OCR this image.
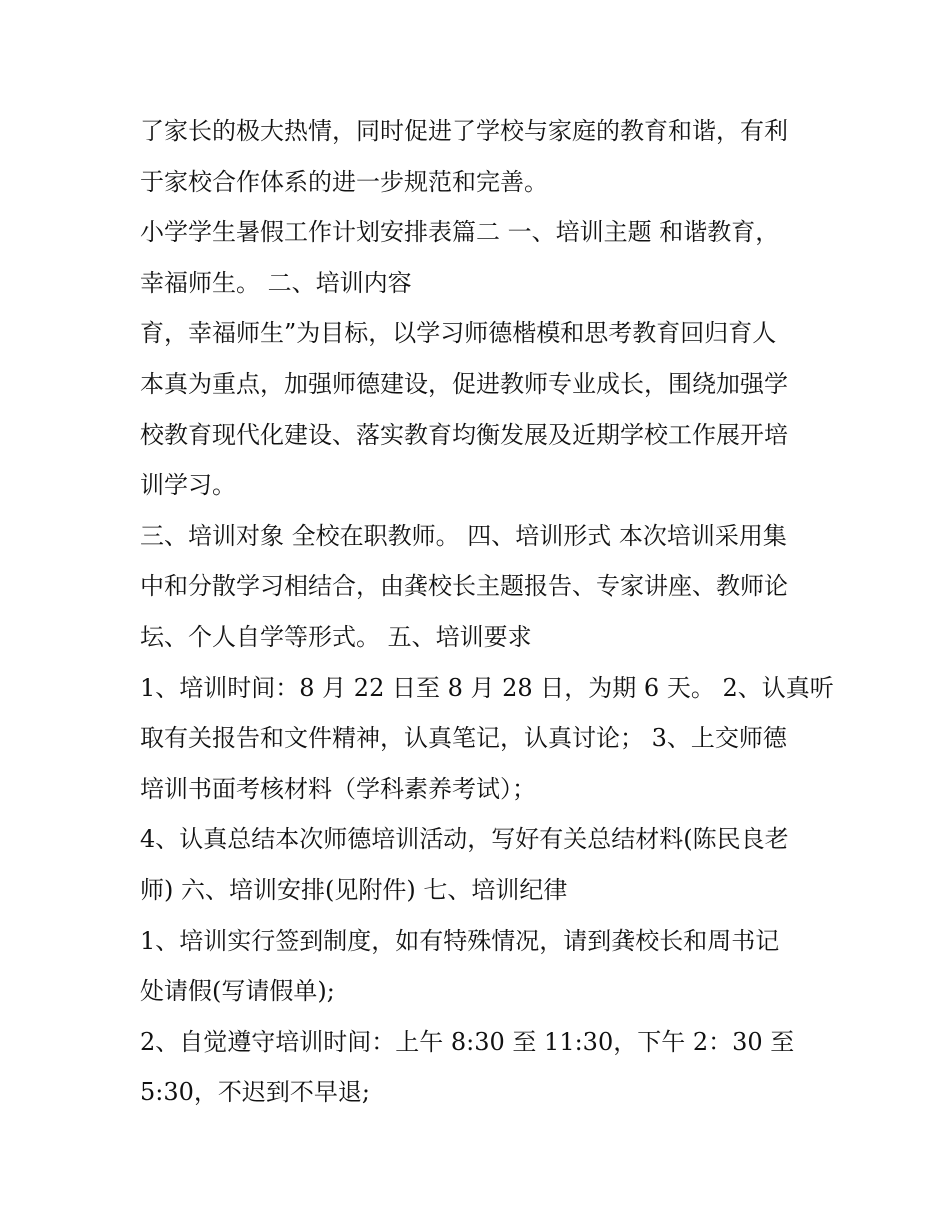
了家长的极大热情，同时促进了学校与家庭的教育和谐，有利
于家校合作体系的进一步规范和完善。
小学学生暑假工作计划安排表篇二 一、培训主题 和谐教育，
幸福师生。 二、培训内容
育，幸福师生”为目标，以学习师德楷模和思考教育回归育人
本真为重点，加强师德建设，促进教师专业成长，围绕加强学
校教育现代化建设、落实教育均衡发展及近期学校工作展开培
训学习。
三、培训对象 全校在职教师。 四、培训形式 本次培训采用集
中和分散学习相结合，由龚校长主题报告、专家讲座、教师论
坛、个人自学等形式。 五、培训要求
1、培训时间：8 月 22 日至 8 月 28 日，为期 6 天。 2、认真听
取有关报告和文件精神，认真笔记，认真讨论； 3、上交师德
培训书面考核材料（学科素养考试）；
4、认真总结本次师德培训活动，写好有关总结材料(陈民良老
师) 六、培训安排(见附件) 七、培训纪律
1、培训实行签到制度，如有特殊情况，请到龚校长和周书记
处请假(写请假单);
2、自觉遵守培训时间：上午 8:30 至 11:30，下午 2：30 至
5:30，不迟到不早退;
